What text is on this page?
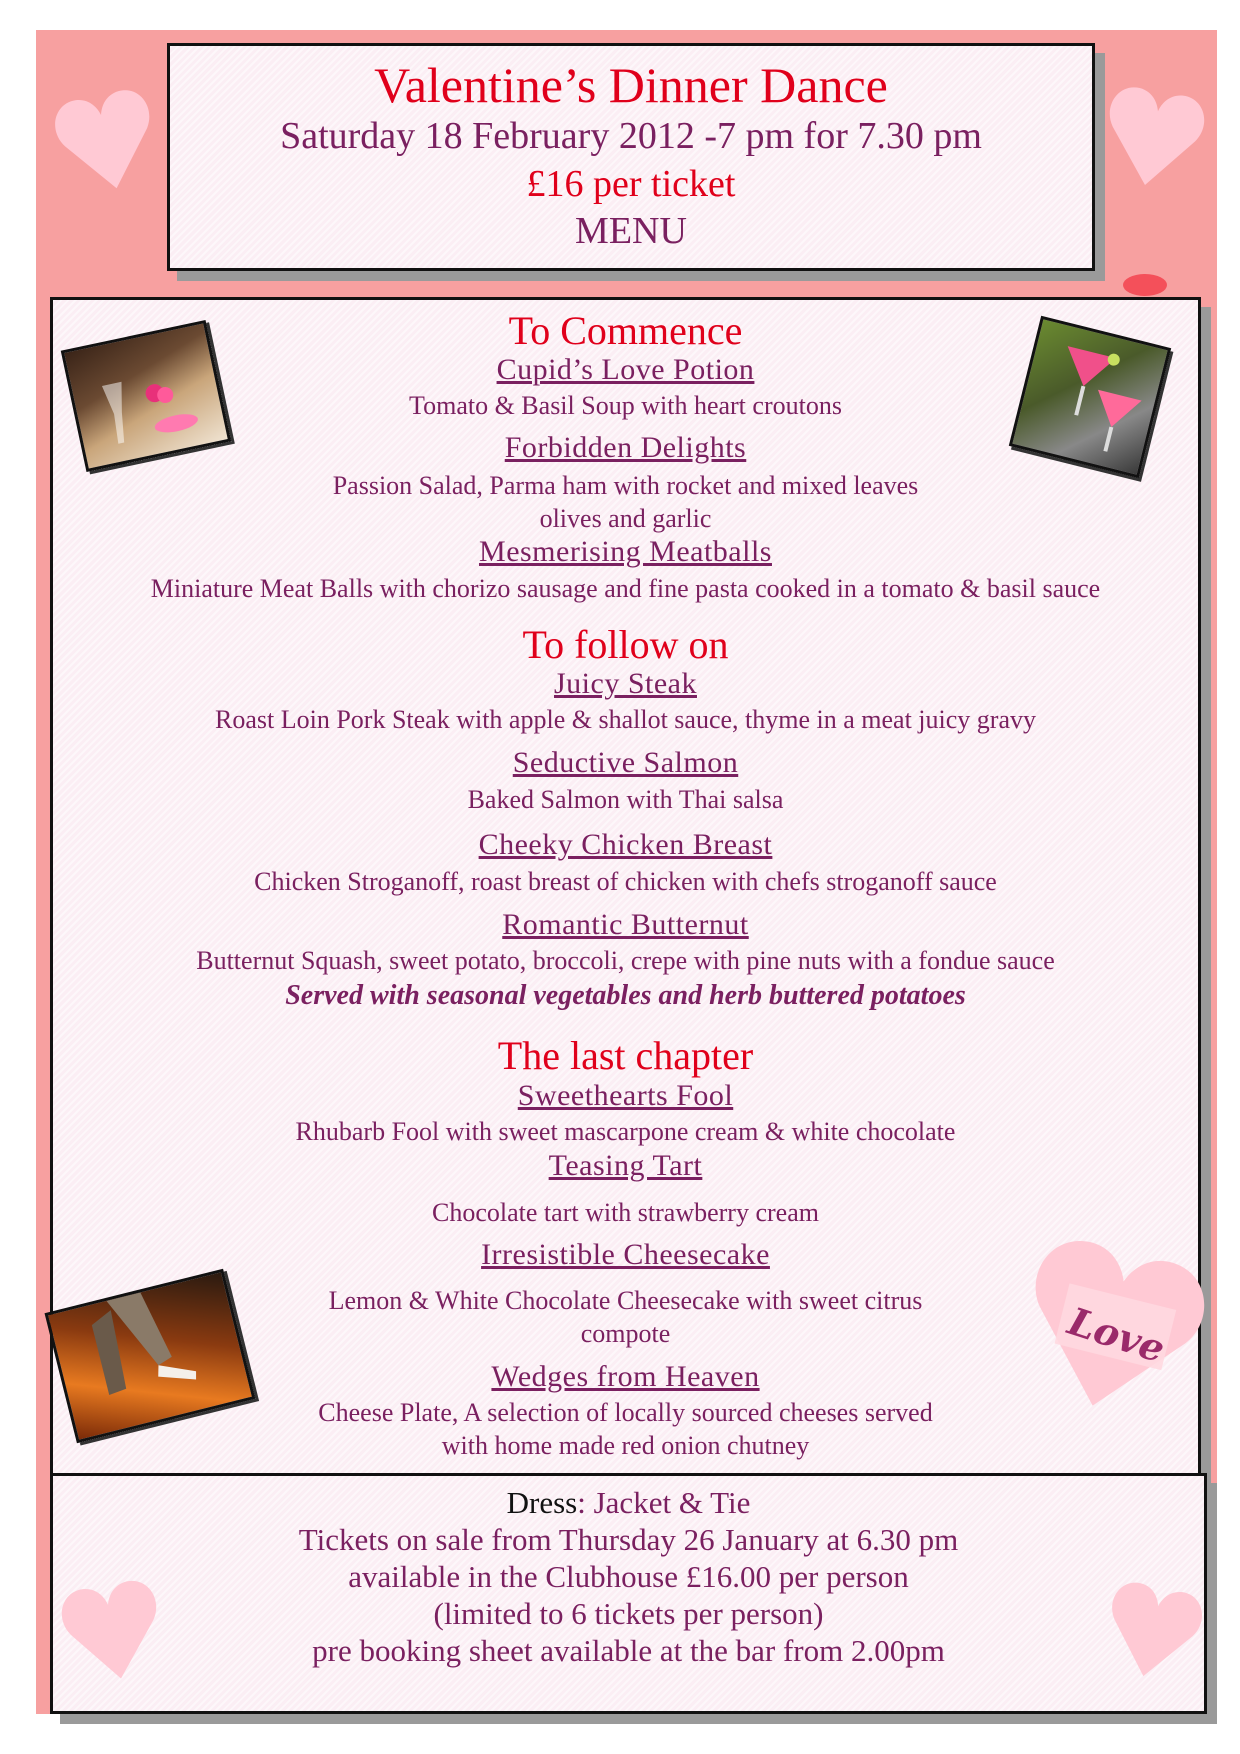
Valentine’s Dinner Dance
Saturday 18 February 2012 -7 pm for 7.30 pm
£16 per ticket
MENU
To Commence
Cupid’s Love Potion
Tomato & Basil Soup with heart croutons
Forbidden Delights
Passion Salad, Parma ham with rocket and mixed leaves
olives and garlic
Mesmerising Meatballs
Miniature Meat Balls with chorizo sausage and fine pasta cooked in a tomato & basil sauce
To follow on
Juicy Steak
Roast Loin Pork Steak with apple & shallot sauce, thyme in a meat juicy gravy
Seductive Salmon
Baked Salmon with Thai salsa
Cheeky Chicken Breast
Chicken Stroganoff, roast breast of chicken with chefs stroganoff sauce
Romantic Butternut
Butternut Squash, sweet potato, broccoli, crepe with pine nuts with a fondue sauce
Served with seasonal vegetables and herb buttered potatoes
The last chapter
Sweethearts Fool
Rhubarb Fool with sweet mascarpone cream & white chocolate
Teasing Tart
Chocolate tart with strawberry cream
Irresistible Cheesecake
Lemon & White Chocolate Cheesecake with sweet citrus
compote
Wedges from Heaven
Cheese Plate, A selection of locally sourced cheeses served
with home made red onion chutney
Love
Dress: Jacket & Tie
Tickets on sale from Thursday 26 January at 6.30 pm
available in the Clubhouse £16.00 per person
(limited to 6 tickets per person)
pre booking sheet available at the bar from 2.00pm
